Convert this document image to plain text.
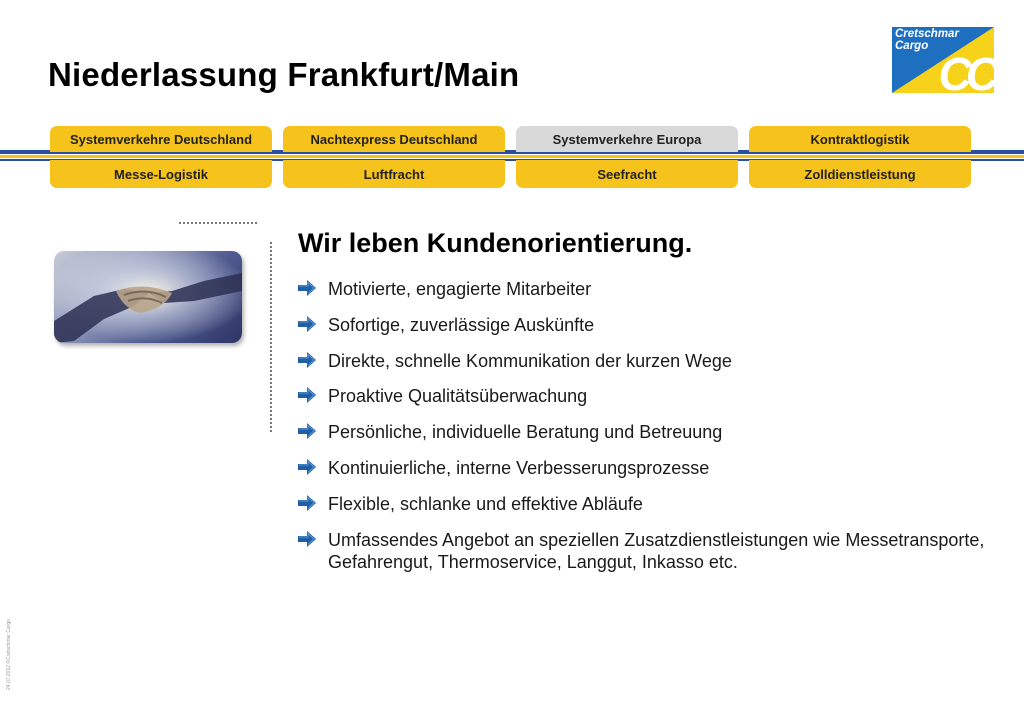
Niederlassung Frankfurt/Main
Cretschmar
Cargo
CC
Systemverkehre Deutschland	Nachtexpress Deutschland	Systemverkehre Europa	Kontraktlogistik
Messe-Logistik	Luftfracht	Seefracht	Zolldienstleistung
Wir leben Kundenorientierung.
Motivierte, engagierte Mitarbeiter
Sofortige, zuverlässige Auskünfte
Direkte, schnelle Kommunikation der kurzen Wege
Proaktive Qualitätsüberwachung
Persönliche, individuelle Beratung und Betreuung
Kontinuierliche, interne Verbesserungsprozesse
Flexible, schlanke und effektive Abläufe
Umfassendes Angebot an speziellen Zusatzdienstleistungen wie Messetransporte, Gefahrengut, Thermoservice, Langgut, Inkasso etc.
24.07.2012 ©Cretschmar Cargo
